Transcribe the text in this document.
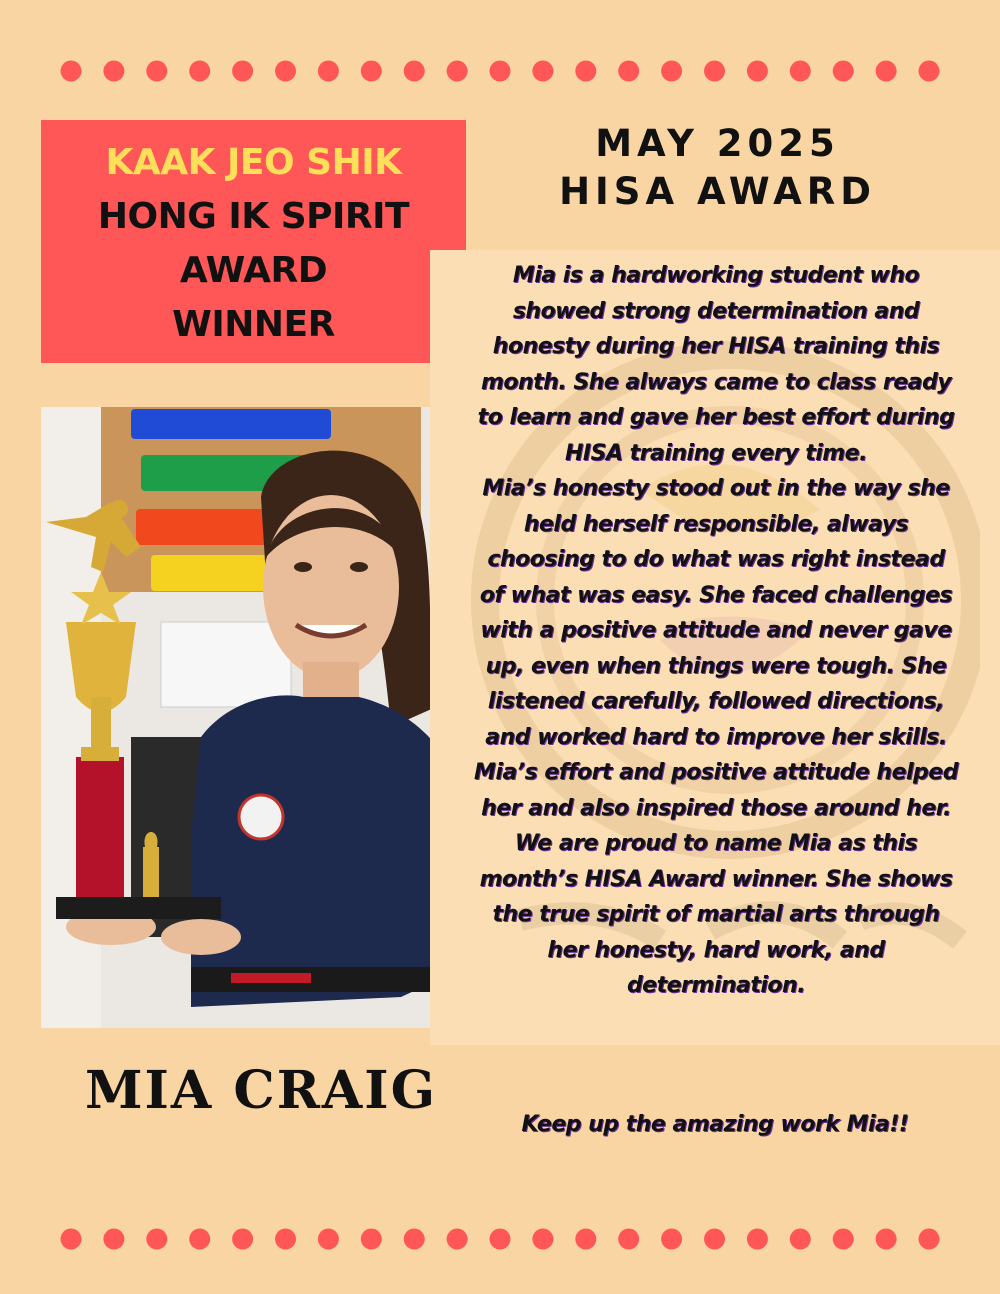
KAAK JEO SHIK
HONG IK SPIRIT
AWARD
WINNER
MAY 2025
HISA AWARD
MIA CRAIG

Mia is a hardworking student who showed strong determination and honesty during her HISA training this month. She always came to class ready to learn and gave her best effort during HISA training every time.

Mia’s honesty stood out in the way she held herself responsible, always choosing to do what was right instead of what was easy. She faced challenges with a positive attitude and never gave up, even when things were tough. She listened carefully, followed directions, and worked hard to improve her skills. Mia’s effort and positive attitude helped her and also inspired those around her.

We are proud to name Mia as this month’s HISA Award winner. She shows the true spirit of martial arts through her honesty, hard work, and determination.

Keep up the amazing work Mia!!
